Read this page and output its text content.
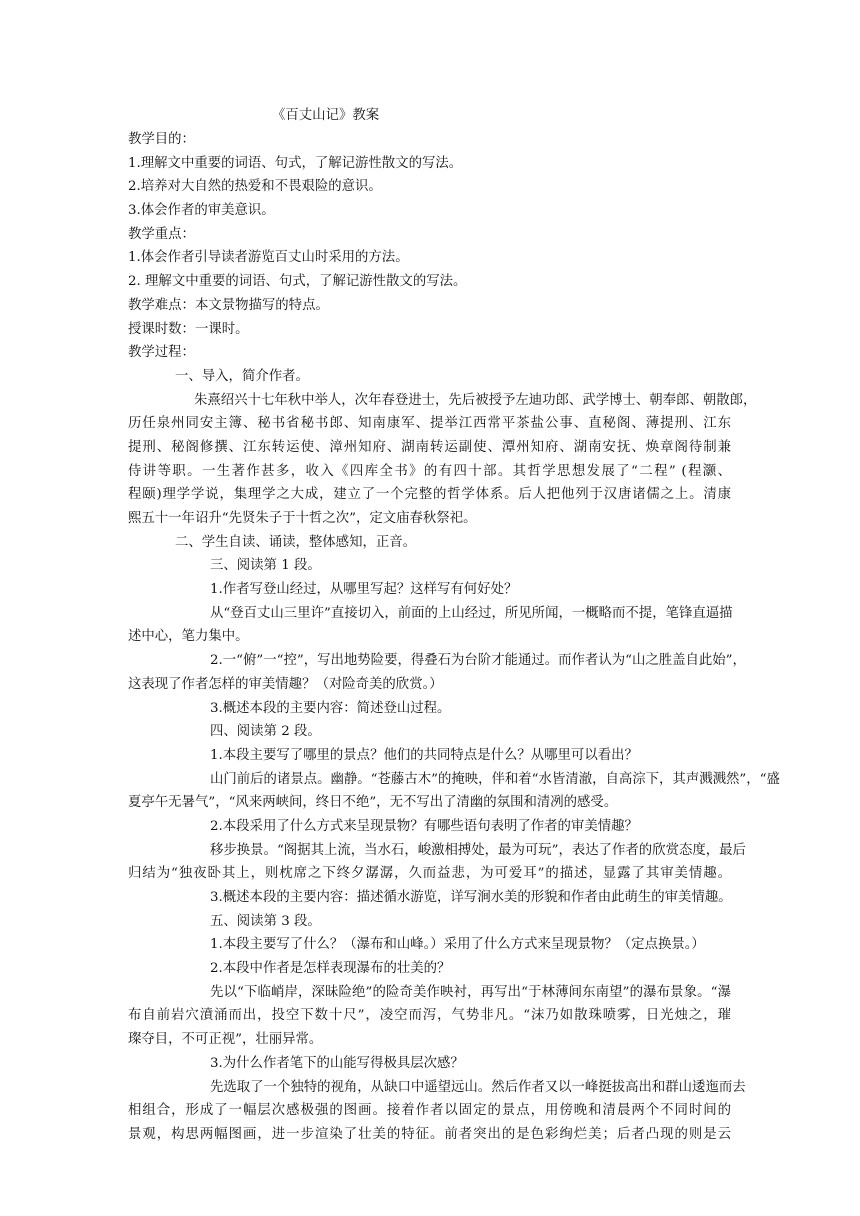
《百丈山记》教案
教学目的：
1.理解文中重要的词语、句式，了解记游性散文的写法。
2.培养对大自然的热爱和不畏艰险的意识。
3.体会作者的审美意识。
教学重点：
1.体会作者引导读者游览百丈山时采用的方法。
2. 理解文中重要的词语、句式，了解记游性散文的写法。
教学难点：本文景物描写的特点。
授课时数：一课时。
教学过程：
一、导入，简介作者。
朱熹绍兴十七年秋中举人，次年春登进士，先后被授予左迪功郎、武学博士、朝奉郎、朝散郎，
历任泉州同安主簿、秘书省秘书郎、知南康军、提举江西常平茶盐公事、直秘阁、薄提刑、江东
提刑、秘阁修撰、江东转运使、漳州知府、湖南转运副使、潭州知府、湖南安抚、焕章阁待制兼
侍讲等职。一生著作甚多，收入《四库全书》的有四十部。其哲学思想发展了“二程” (程灏、
程颐)理学学说，集理学之大成，建立了一个完整的哲学体系。后人把他列于汉唐诸儒之上。清康
熙五十一年诏升“先贤朱子于十哲之次”，定文庙春秋祭祀。
二、学生自读、诵读，整体感知，正音。
三、阅读第 1 段。
1.作者写登山经过，从哪里写起？这样写有何好处？
从“登百丈山三里许”直接切入，前面的上山经过，所见所闻，一概略而不提，笔锋直逼描
述中心，笔力集中。
2.一“俯”一“控”，写出地势险要，得叠石为台阶才能通过。而作者认为“山之胜盖自此始”，
这表现了作者怎样的审美情趣？（对险奇美的欣赏。）
3.概述本段的主要内容：简述登山过程。
四、阅读第 2 段。
1.本段主要写了哪里的景点？他们的共同特点是什么？从哪里可以看出？
山门前后的诸景点。幽静。“苍藤古木”的掩映，伴和着“水皆清澈，自高淙下，其声溅溅然”，“盛
夏亭午无暑气”，“风来两峡间，终日不绝”，无不写出了清幽的氛围和清冽的感受。
2.本段采用了什么方式来呈现景物？有哪些语句表明了作者的审美情趣？
移步换景。“阁据其上流，当水石，峻激相搏处，最为可玩”，表达了作者的欣赏态度，最后
归结为“独夜卧其上，则枕席之下终夕潺潺，久而益悲，为可爱耳”的描述，显露了其审美情趣。
3.概述本段的主要内容：描述循水游览，详写涧水美的形貌和作者由此萌生的审美情趣。
五、阅读第 3 段。
1.本段主要写了什么？（瀑布和山峰。）采用了什么方式来呈现景物？（定点换景。）
2.本段中作者是怎样表现瀑布的壮美的？
先以“下临峭岸，深昧险绝”的险奇美作映衬，再写出“于林薄间东南望”的瀑布景象。“瀑
布自前岩穴濆涌而出，投空下数十尺”，凌空而泻，气势非凡。“沫乃如散珠喷雾，日光烛之，璀
璨夺目，不可正视”，壮丽异常。
3.为什么作者笔下的山能写得极具层次感？
先选取了一个独特的视角，从缺口中遥望远山。然后作者又以一峰挺拔高出和群山逶迤而去
相组合，形成了一幅层次感极强的图画。接着作者以固定的景点，用傍晚和清晨两个不同时间的
景观，构思两幅图画，进一步渲染了壮美的特征。前者突出的是色彩绚烂美；后者凸现的则是云
